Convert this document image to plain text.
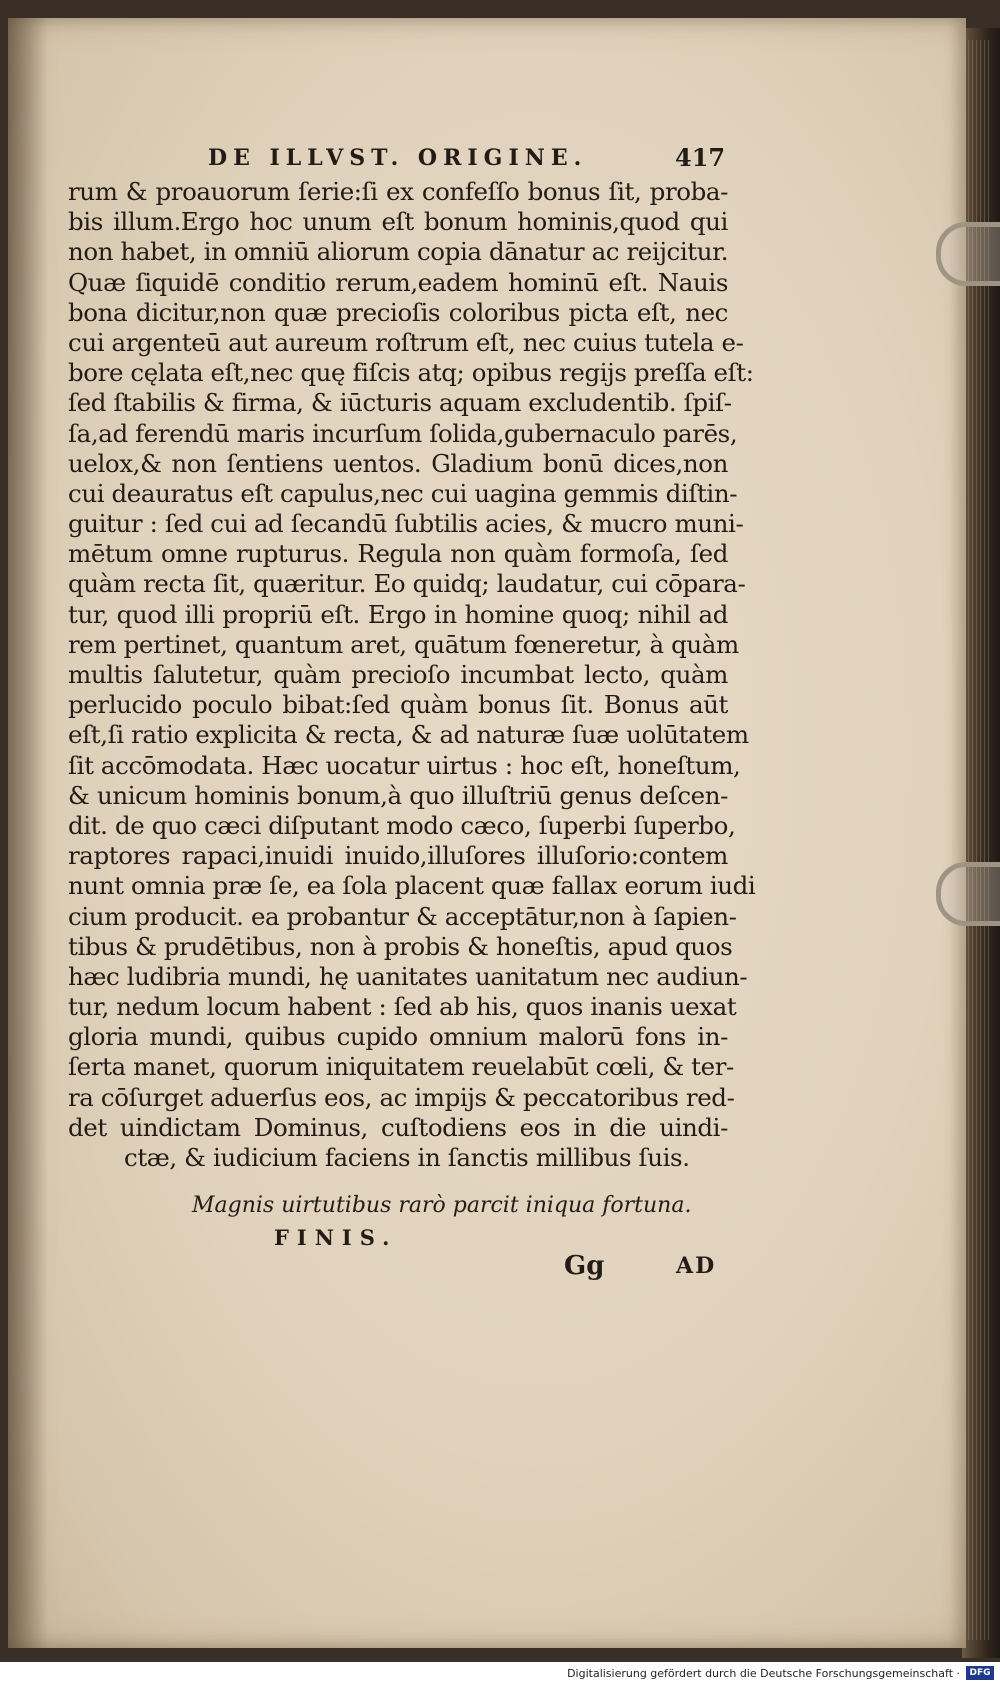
DE ILLVST. ORIGINE.	417
rum & proauorum ſerie:ſi ex confeſſo bonus ſit, proba-
bis illum.Ergo hoc unum eſt bonum hominis,quod qui
non habet, in omniū aliorum copia dānatur ac reijcitur.
Quæ ſiquidē conditio rerum,eadem hominū eſt. Nauis
bona dicitur,non quæ precioſis coloribus picta eſt, nec
cui argenteū aut aureum roſtrum eſt, nec cuius tutela e-
bore cęlata eſt,nec quę fiſcis atq; opibus regijs preſſa eſt:
ſed ſtabilis & firma, & iūcturis aquam excludentib. ſpiſ-
ſa,ad ferendū maris incurſum ſolida,gubernaculo parēs,
uelox,& non ſentiens uentos. Gladium bonū dices,non
cui deauratus eſt capulus,nec cui uagina gemmis diſtin-
guitur : ſed cui ad ſecandū ſubtilis acies, & mucro muni-
mētum omne rupturus. Regula non quàm formoſa, ſed
quàm recta ſit, quæritur. Eo quidq; laudatur, cui cōpara-
tur, quod illi propriū eſt. Ergo in homine quoq; nihil ad
rem pertinet, quantum aret, quātum fœneretur, à quàm
multis ſalutetur, quàm precioſo incumbat lecto, quàm
perlucido poculo bibat:ſed quàm bonus ſit. Bonus aūt
eſt,ſi ratio explicita & recta, & ad naturæ ſuæ uolūtatem
ſit accōmodata. Hæc uocatur uirtus : hoc eſt, honeſtum,
& unicum hominis bonum,à quo illuſtriū genus deſcen-
dit. de quo cæci diſputant modo cæco, ſuperbi ſuperbo,
raptores rapaci,inuidi inuido,illuſores illuſorio:contem
nunt omnia præ ſe, ea ſola placent quæ fallax eorum iudi
cium producit. ea probantur & acceptātur,non à ſapien-
tibus & prudētibus, non à probis & honeſtis, apud quos
hæc ludibria mundi, hę uanitates uanitatum nec audiun-
tur, nedum locum habent : ſed ab his, quos inanis uexat
gloria mundi, quibus cupido omnium malorū fons in-
ſerta manet, quorum iniquitatem reuelabūt cœli, & ter-
ra cōſurget aduerſus eos, ac impijs & peccatoribus red-
det uindictam Dominus, cuſtodiens eos in die uindi-
ctæ, & iudicium faciens in ſanctis millibus ſuis.
Magnis uirtutibus rarò parcit iniqua fortuna.
FINIS.
Gg	AD
Digitalisierung gefördert durch die Deutsche Forschungsgemeinschaft ·	DFG
